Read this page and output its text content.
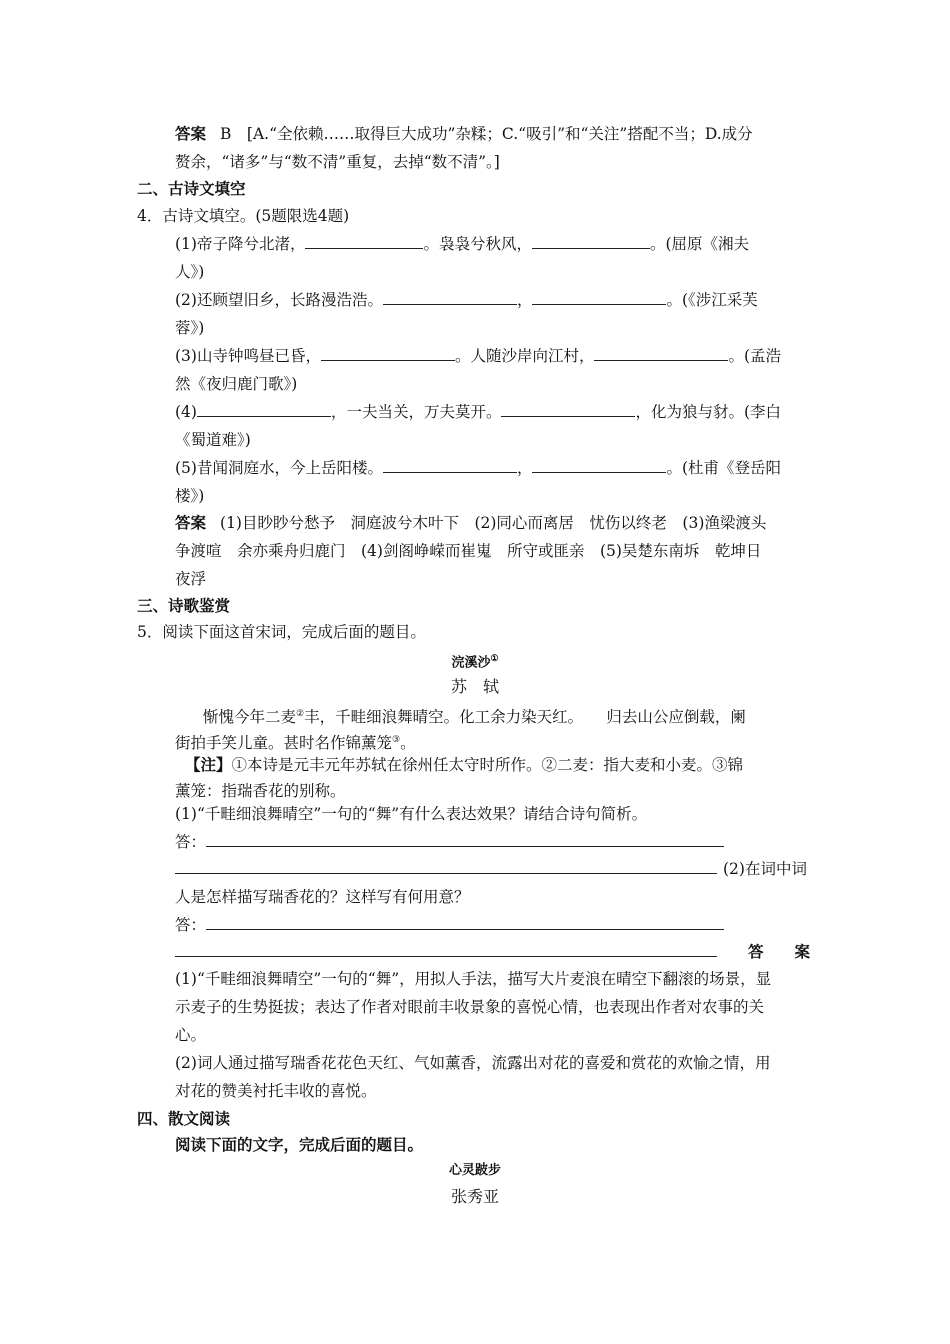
答案 B　[A.“全依赖……取得巨大成功”杂糅；C.“吸引”和“关注”搭配不当；D.成分
赘余，“诸多”与“数不清”重复，去掉“数不清”。]
二、古诗文填空
4．古诗文填空。(5题限选4题)
(1)帝子降兮北渚，	。袅袅兮秋风，	。(屈原《湘夫
人》)
(2)还顾望旧乡，长路漫浩浩。	，	。(《涉江采芙
蓉》)
(3)山寺钟鸣昼已昏，	。人随沙岸向江村，	。(孟浩
然《夜归鹿门歌》)
(4)	，一夫当关，万夫莫开。	，化为狼与豺。(李白
《蜀道难》)
(5)昔闻洞庭水，今上岳阳楼。	，	。(杜甫《登岳阳
楼》)
答案 (1)目眇眇兮愁予　洞庭波兮木叶下　(2)同心而离居　忧伤以终老　(3)渔梁渡头
争渡喧　余亦乘舟归鹿门　(4)剑阁峥嵘而崔嵬　所守或匪亲　(5)吴楚东南坼　乾坤日
夜浮
三、诗歌鉴赏
5．阅读下面这首宋词，完成后面的题目。
浣溪沙①
苏　轼
惭愧今年二麦②丰，千畦细浪舞晴空。化工余力染天红。　　归去山公应倒载，阑
街拍手笑儿童。甚时名作锦薰笼③。
【注】①本诗是元丰元年苏轼在徐州任太守时所作。②二麦：指大麦和小麦。③锦
薰笼：指瑞香花的别称。
(1)“千畦细浪舞晴空”一句的“舞”有什么表达效果？请结合诗句简析。
答：
(2)在词中词
人是怎样描写瑞香花的？这样写有何用意？
答：
答　　案
(1)“千畦细浪舞晴空”一句的“舞”，用拟人手法，描写大片麦浪在晴空下翻滚的场景，显
示麦子的生势挺拔；表达了作者对眼前丰收景象的喜悦心情，也表现出作者对农事的关
心。
(2)词人通过描写瑞香花花色天红、气如薰香，流露出对花的喜爱和赏花的欢愉之情，用
对花的赞美衬托丰收的喜悦。
四、散文阅读
阅读下面的文字，完成后面的题目。
心灵跛步
张秀亚
